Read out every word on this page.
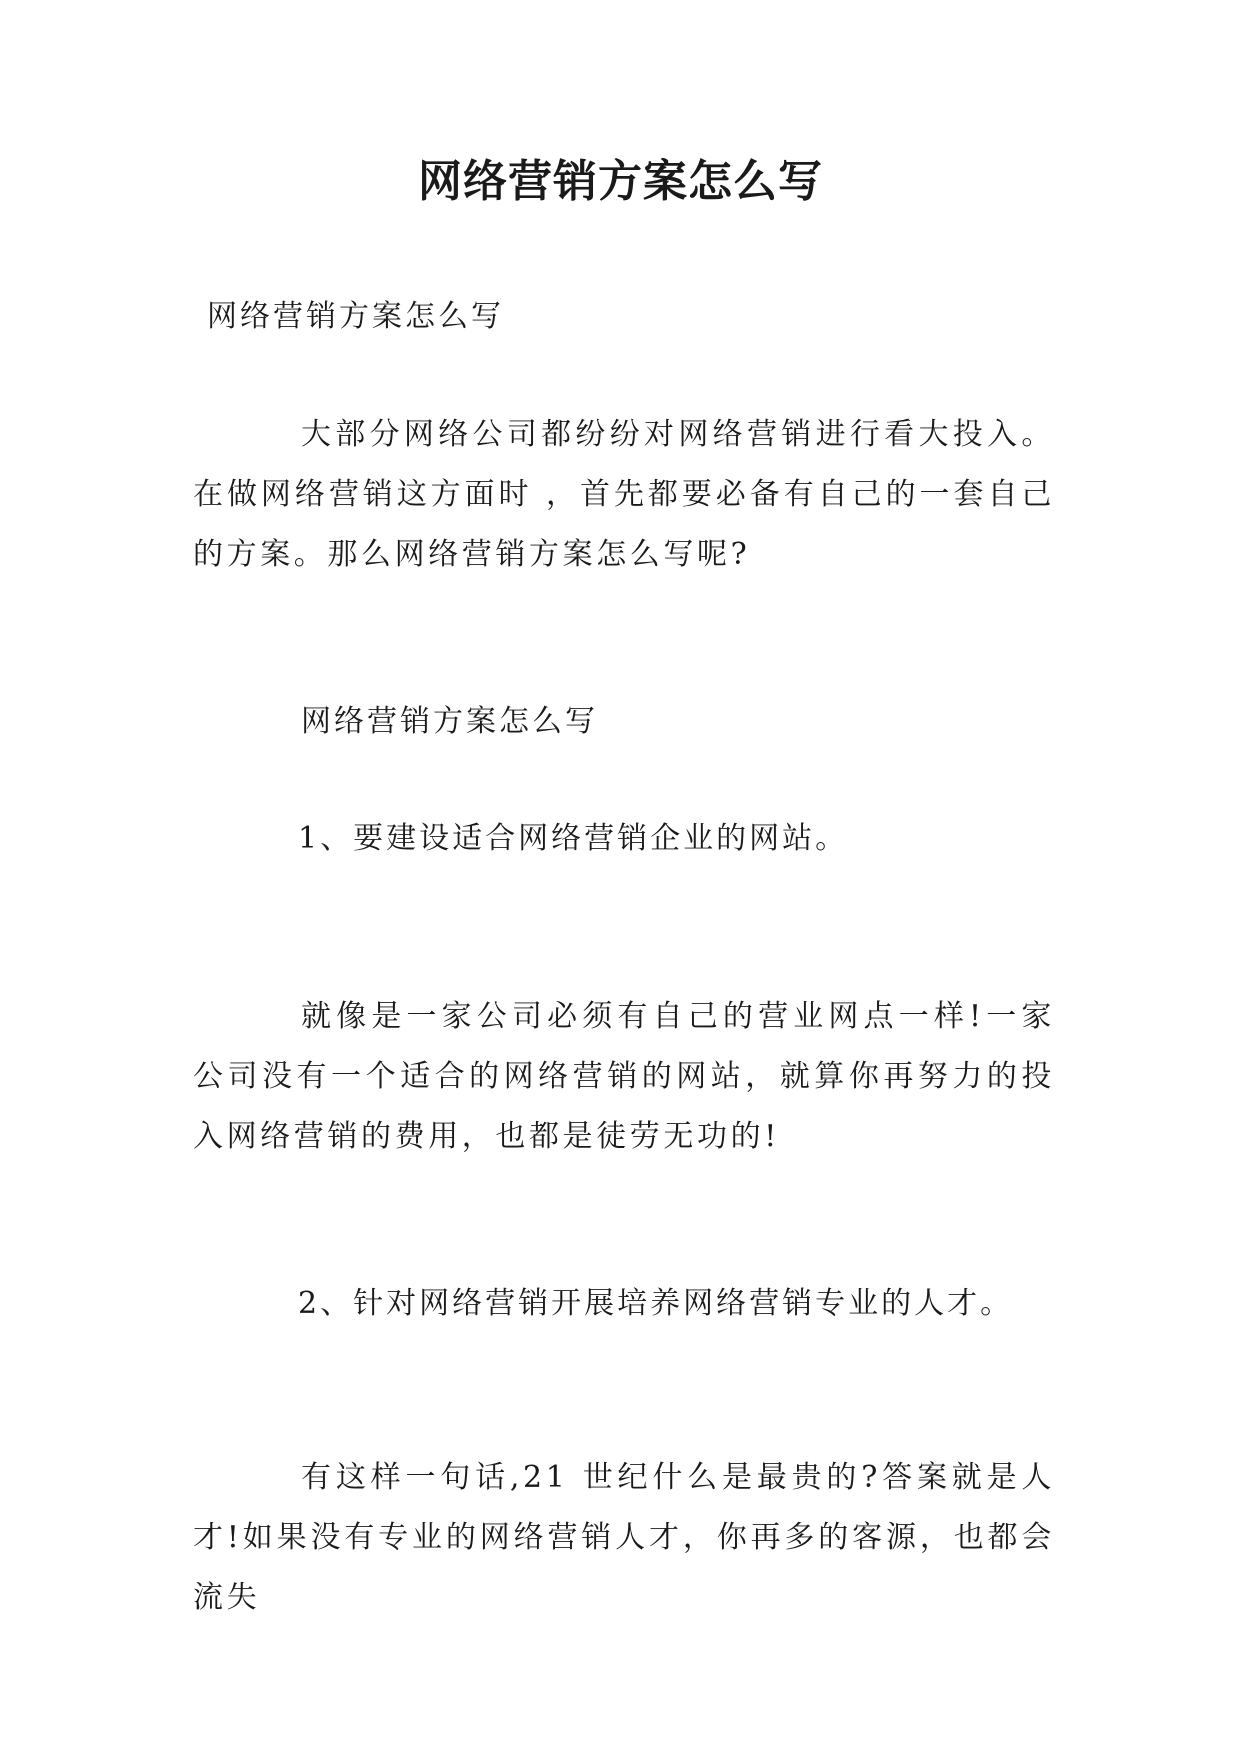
网络营销方案怎么写

网络营销方案怎么写

大部分网络公司都纷纷对网络营销进行看大投入。在做网络营销这方面时 ，首先都要必备有自己的一套自己的方案。那么网络营销方案怎么写呢?

网络营销方案怎么写

1、要建设适合网络营销企业的网站。

就像是一家公司必须有自己的营业网点一样!一家公司没有一个适合的网络营销的网站，就算你再努力的投入网络营销的费用，也都是徒劳无功的!

2、针对网络营销开展培养网络营销专业的人才。

有这样一句话,21 世纪什么是最贵的?答案就是人才!如果没有专业的网络营销人才，你再多的客源，也都会流失
